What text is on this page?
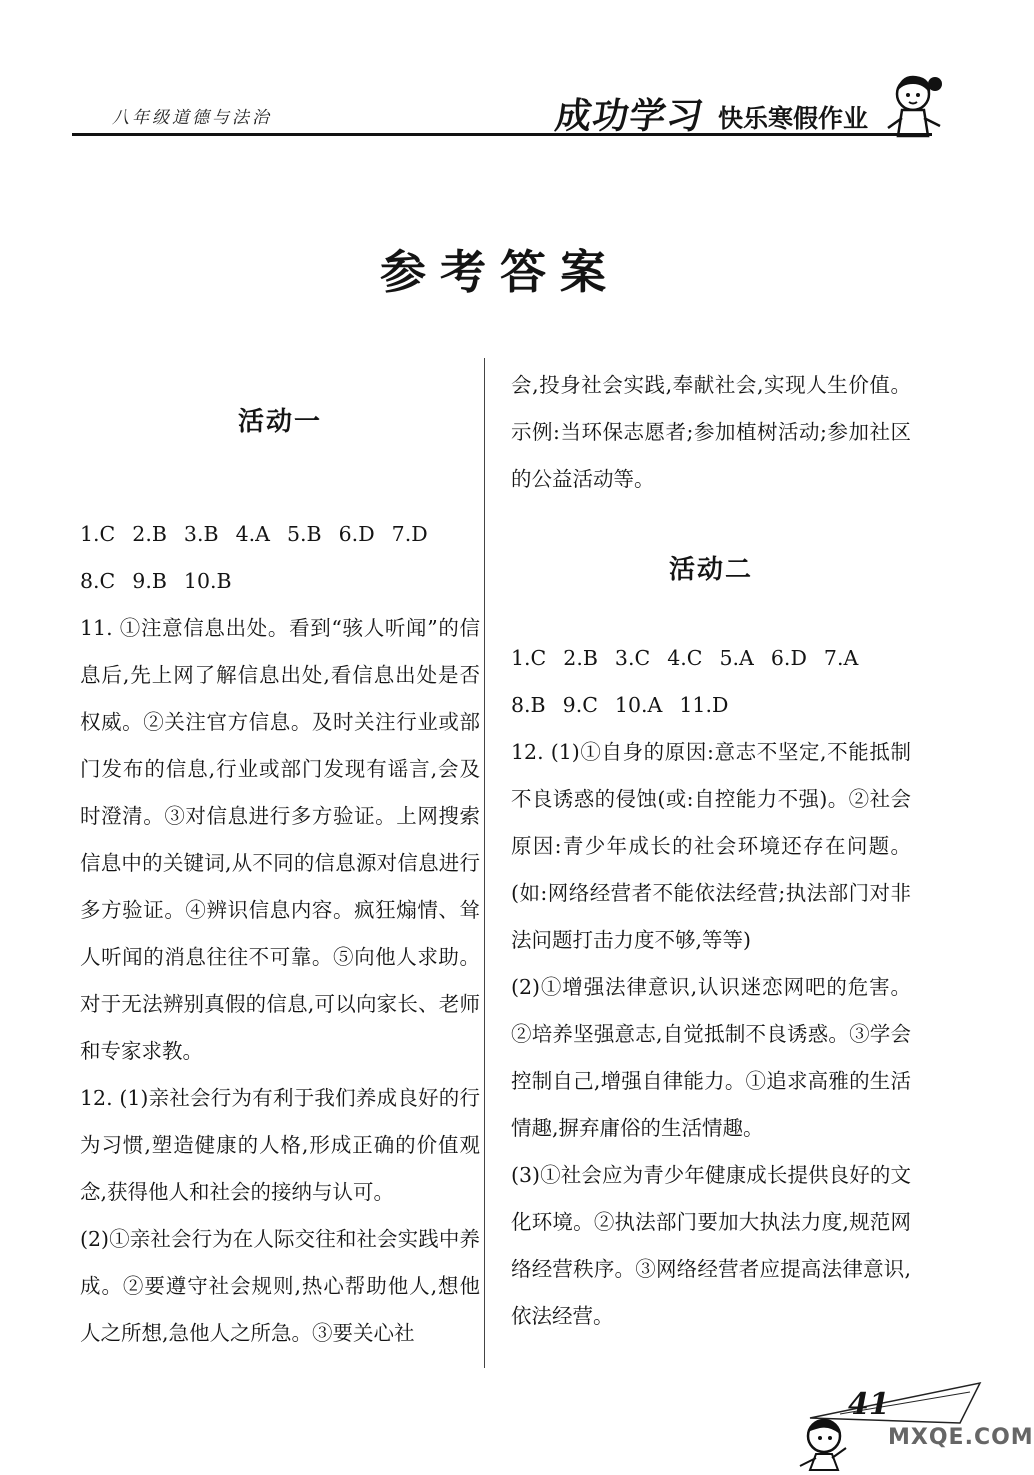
八年级道德与法治	成功学习 快乐寒假作业
参考答案
活动一

1.C  2.B  3.B  4.A  5.B  6.D  7.D

8.C  9.B  10.B

11. ①注意信息出处。看到“骇人听闻”的信息后,先上网了解信息出处,看信息出处是否权威。②关注官方信息。及时关注行业或部门发布的信息,行业或部门发现有谣言,会及时澄清。③对信息进行多方验证。上网搜索信息中的关键词,从不同的信息源对信息进行多方验证。④辨识信息内容。疯狂煽情、耸人听闻的消息往往不可靠。⑤向他人求助。对于无法辨别真假的信息,可以向家长、老师和专家求教。

12. (1)亲社会行为有利于我们养成良好的行为习惯,塑造健康的人格,形成正确的价值观念,获得他人和社会的接纳与认可。

(2)①亲社会行为在人际交往和社会实践中养成。②要遵守社会规则,热心帮助他人,想他人之所想,急他人之所急。③要关心社

会,投身社会实践,奉献社会,实现人生价值。 示例:当环保志愿者;参加植树活动;参加社区的公益活动等。

活动二

1.C  2.B  3.C  4.C  5.A  6.D  7.A

8.B  9.C  10.A  11.D

12. (1)①自身的原因:意志不坚定,不能抵制不良诱惑的侵蚀(或:自控能力不强)。②社会原因:青少年成长的社会环境还存在问题。(如:网络经营者不能依法经营;执法部门对非法问题打击力度不够,等等)

(2)①增强法律意识,认识迷恋网吧的危害。②培养坚强意志,自觉抵制不良诱惑。③学会控制自己,增强自律能力。①追求高雅的生活情趣,摒弃庸俗的生活情趣。

(3)①社会应为青少年健康成长提供良好的文化环境。②执法部门要加大执法力度,规范网络经营秩序。③网络经营者应提高法律意识,依法经营。

41
MXQE.COM
